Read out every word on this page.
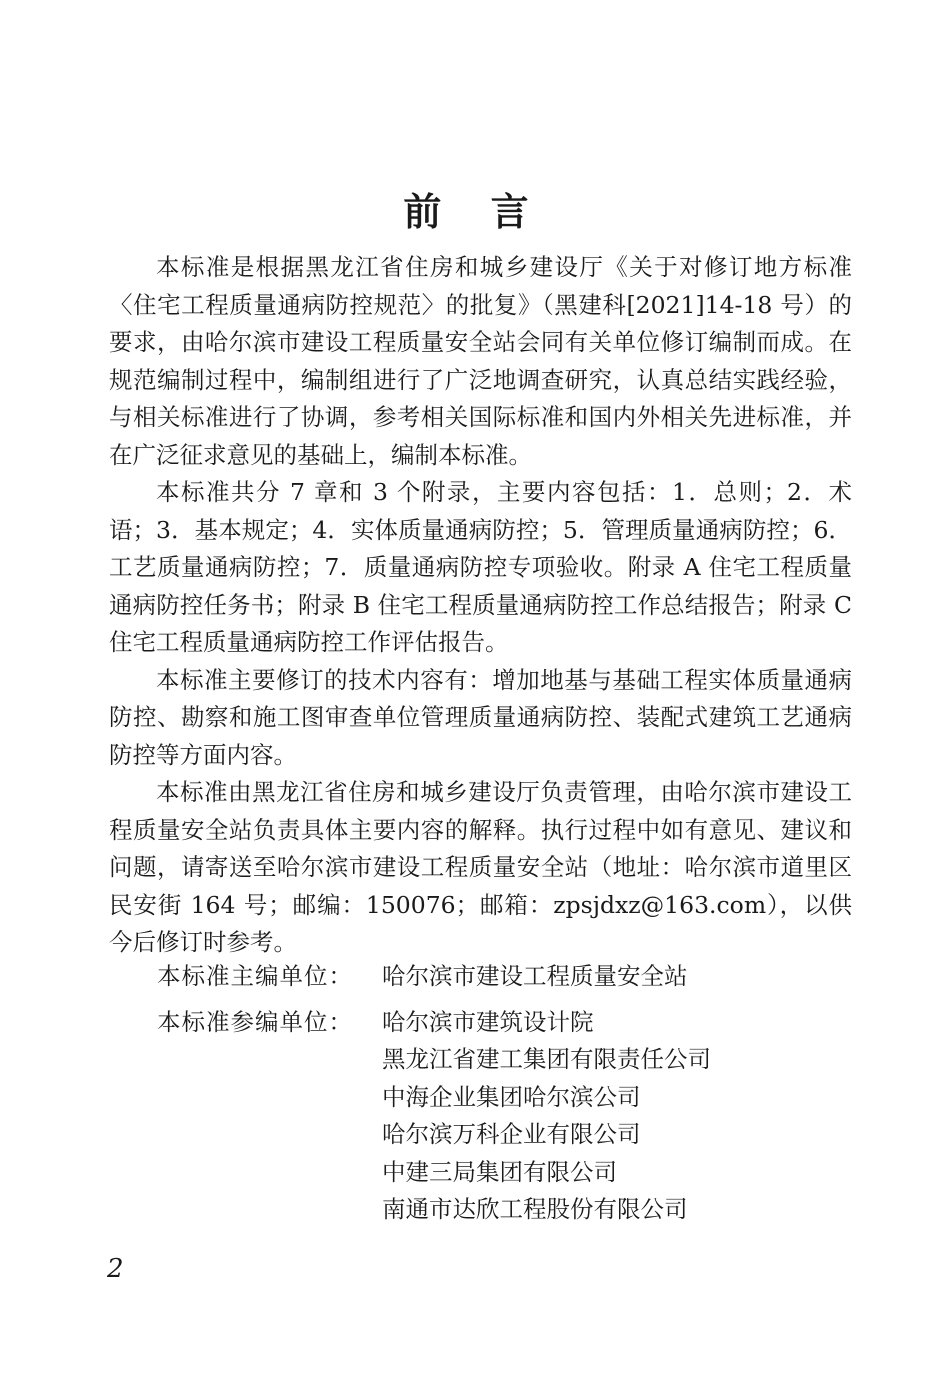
前 言

本标准是根据黑龙江省住房和城乡建设厅《关于对修订地方标准〈住宅工程质量通病防控规范〉的批复》（黑建科[2021]14-18 号）的要求，由哈尔滨市建设工程质量安全站会同有关单位修订编制而成。在规范编制过程中，编制组进行了广泛地调查研究，认真总结实践经验，与相关标准进行了协调，参考相关国际标准和国内外相关先进标准，并在广泛征求意见的基础上，编制本标准。

本标准共分 7 章和 3 个附录，主要内容包括：1．总则；2．术语；3．基本规定；4．实体质量通病防控；5．管理质量通病防控；6．工艺质量通病防控；7．质量通病防控专项验收。附录 A 住宅工程质量通病防控任务书；附录 B 住宅工程质量通病防控工作总结报告；附录 C 住宅工程质量通病防控工作评估报告。

本标准主要修订的技术内容有：增加地基与基础工程实体质量通病防控、勘察和施工图审查单位管理质量通病防控、装配式建筑工艺通病防控等方面内容。

本标准由黑龙江省住房和城乡建设厅负责管理，由哈尔滨市建设工程质量安全站负责具体主要内容的解释。执行过程中如有意见、建议和问题，请寄送至哈尔滨市建设工程质量安全站（地址：哈尔滨市道里区民安街 164 号；邮编：150076；邮箱：zpsjdxz@163.com），以供今后修订时参考。

本标准主编单位：	哈尔滨市建设工程质量安全站
本标准参编单位：	哈尔滨市建筑设计院
黑龙江省建工集团有限责任公司
中海企业集团哈尔滨公司
哈尔滨万科企业有限公司
中建三局集团有限公司
南通市达欣工程股份有限公司
2
